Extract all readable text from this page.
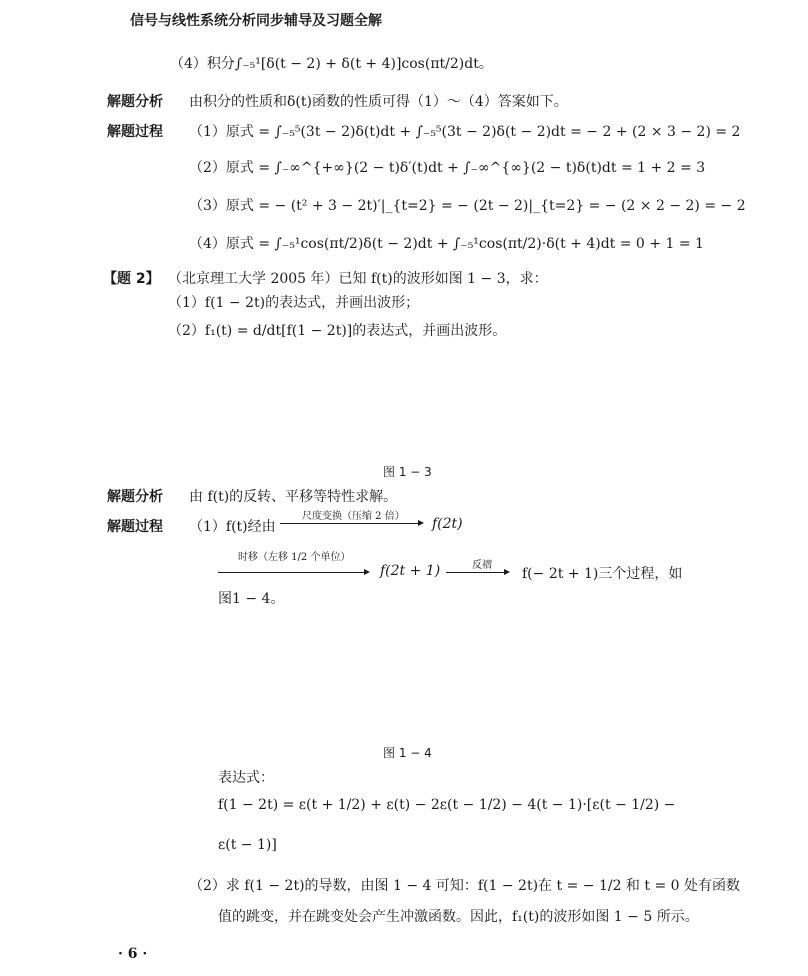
信号与线性系统分析同步辅导及习题全解
（4）积分∫₋₅¹[δ(t − 2) + δ(t + 4)]cos(πt/2)dt。
解题分析 由积分的性质和δ(t)函数的性质可得（1）～（4）答案如下。
解题过程 （1）原式 = ∫₋₅⁵(3t − 2)δ(t)dt + ∫₋₅⁵(3t − 2)δ(t − 2)dt = − 2 + (2 × 3 − 2) = 2
（2）原式 = ∫₋∞^{+∞}(2 − t)δ′(t)dt + ∫₋∞^{∞}(2 − t)δ(t)dt = 1 + 2 = 3
（3）原式 = − (t² + 3 − 2t)′|_{t=2} = − (2t − 2)|_{t=2} = − (2 × 2 − 2) = − 2
（4）原式 = ∫₋₅¹cos(πt/2)δ(t − 2)dt + ∫₋₅¹cos(πt/2)·δ(t + 4)dt = 0 + 1 = 1
【题 2】 （北京理工大学 2005 年）已知 f(t)的波形如图 1 − 3，求：
（1）f(1 − 2t)的表达式，并画出波形；
（2）f₁(t) = d/dt[f(1 − 2t)]的表达式，并画出波形。
图 1 − 3
解题分析 由 f(t)的反转、平移等特性求解。
解题过程 （1）f(t)经由
尺度变换（压缩 2 倍） f(2t)
时移（左移 1/2 个单位）
f(2t + 1)	反褶
f(− 2t + 1)三个过程，如
图1 − 4。
图 1 − 4
表达式：
f(1 − 2t) = ε(t + 1/2) + ε(t) − 2ε(t − 1/2) − 4(t − 1)·[ε(t − 1/2) −
ε(t − 1)]
（2）求 f(1 − 2t)的导数，由图 1 − 4 可知：f(1 − 2t)在 t = − 1/2 和 t = 0 处有函数
值的跳变，并在跳变处会产生冲激函数。因此，f₁(t)的波形如图 1 − 5 所示。
· 6 ·
